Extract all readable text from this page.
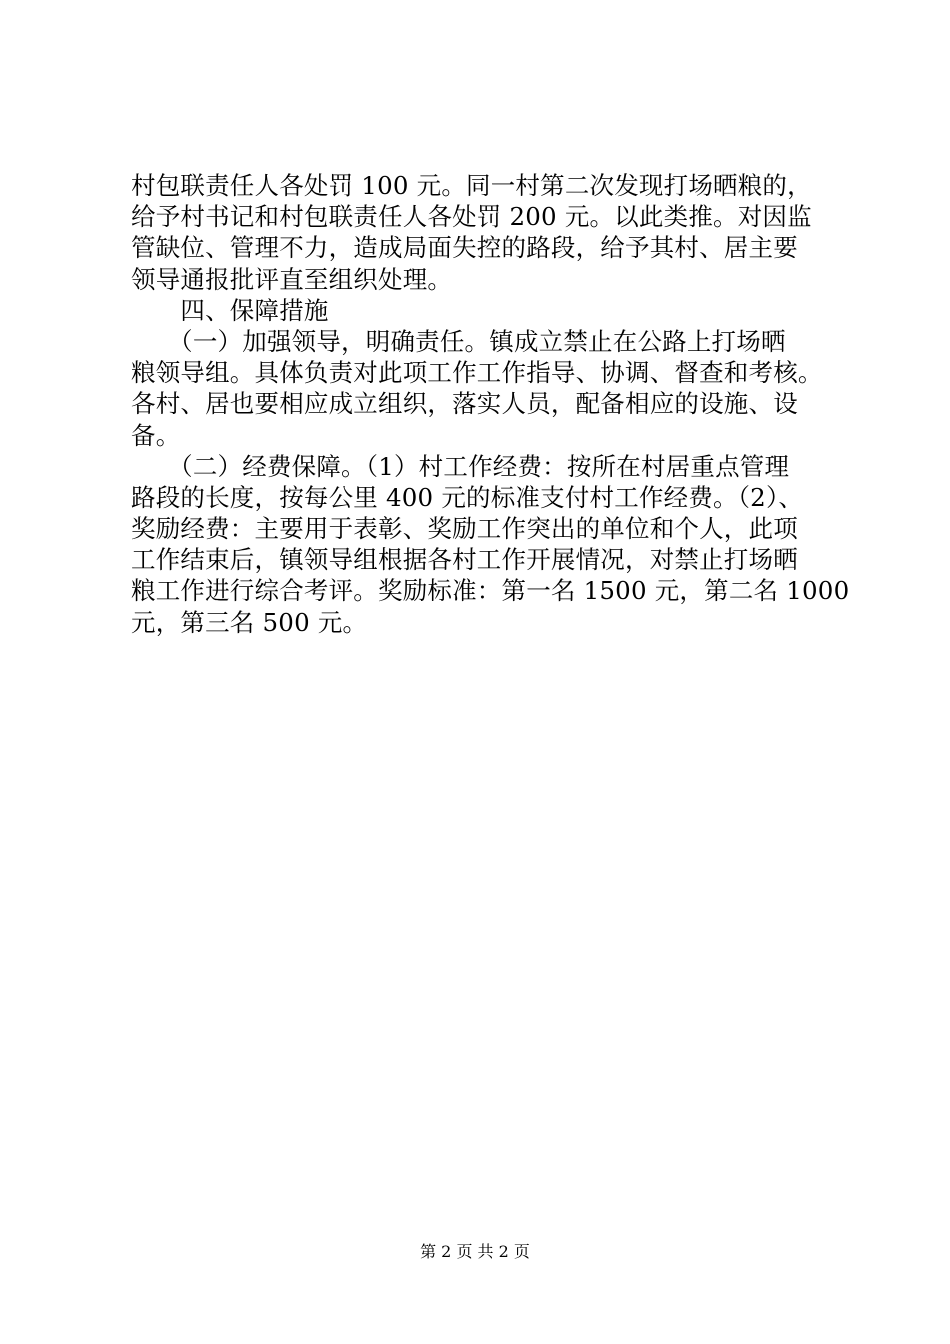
村包联责任人各处罚 100 元。同一村第二次发现打场晒粮的，
给予村书记和村包联责任人各处罚 200 元。以此类推。对因监
管缺位、管理不力，造成局面失控的路段，给予其村、居主要
领导通报批评直至组织处理。
　　四、保障措施
　　（一）加强领导，明确责任。镇成立禁止在公路上打场晒
粮领导组。具体负责对此项工作工作指导、协调、督查和考核。
各村、居也要相应成立组织，落实人员，配备相应的设施、设
备。
　　（二）经费保障。（1）村工作经费：按所在村居重点管理
路段的长度，按每公里 400 元的标准支付村工作经费。（2）、
奖励经费：主要用于表彰、奖励工作突出的单位和个人，此项
工作结束后，镇领导组根据各村工作开展情况，对禁止打场晒
粮工作进行综合考评。奖励标准：第一名 1500 元，第二名 1000
元，第三名 500 元。
第 2 页 共 2 页
